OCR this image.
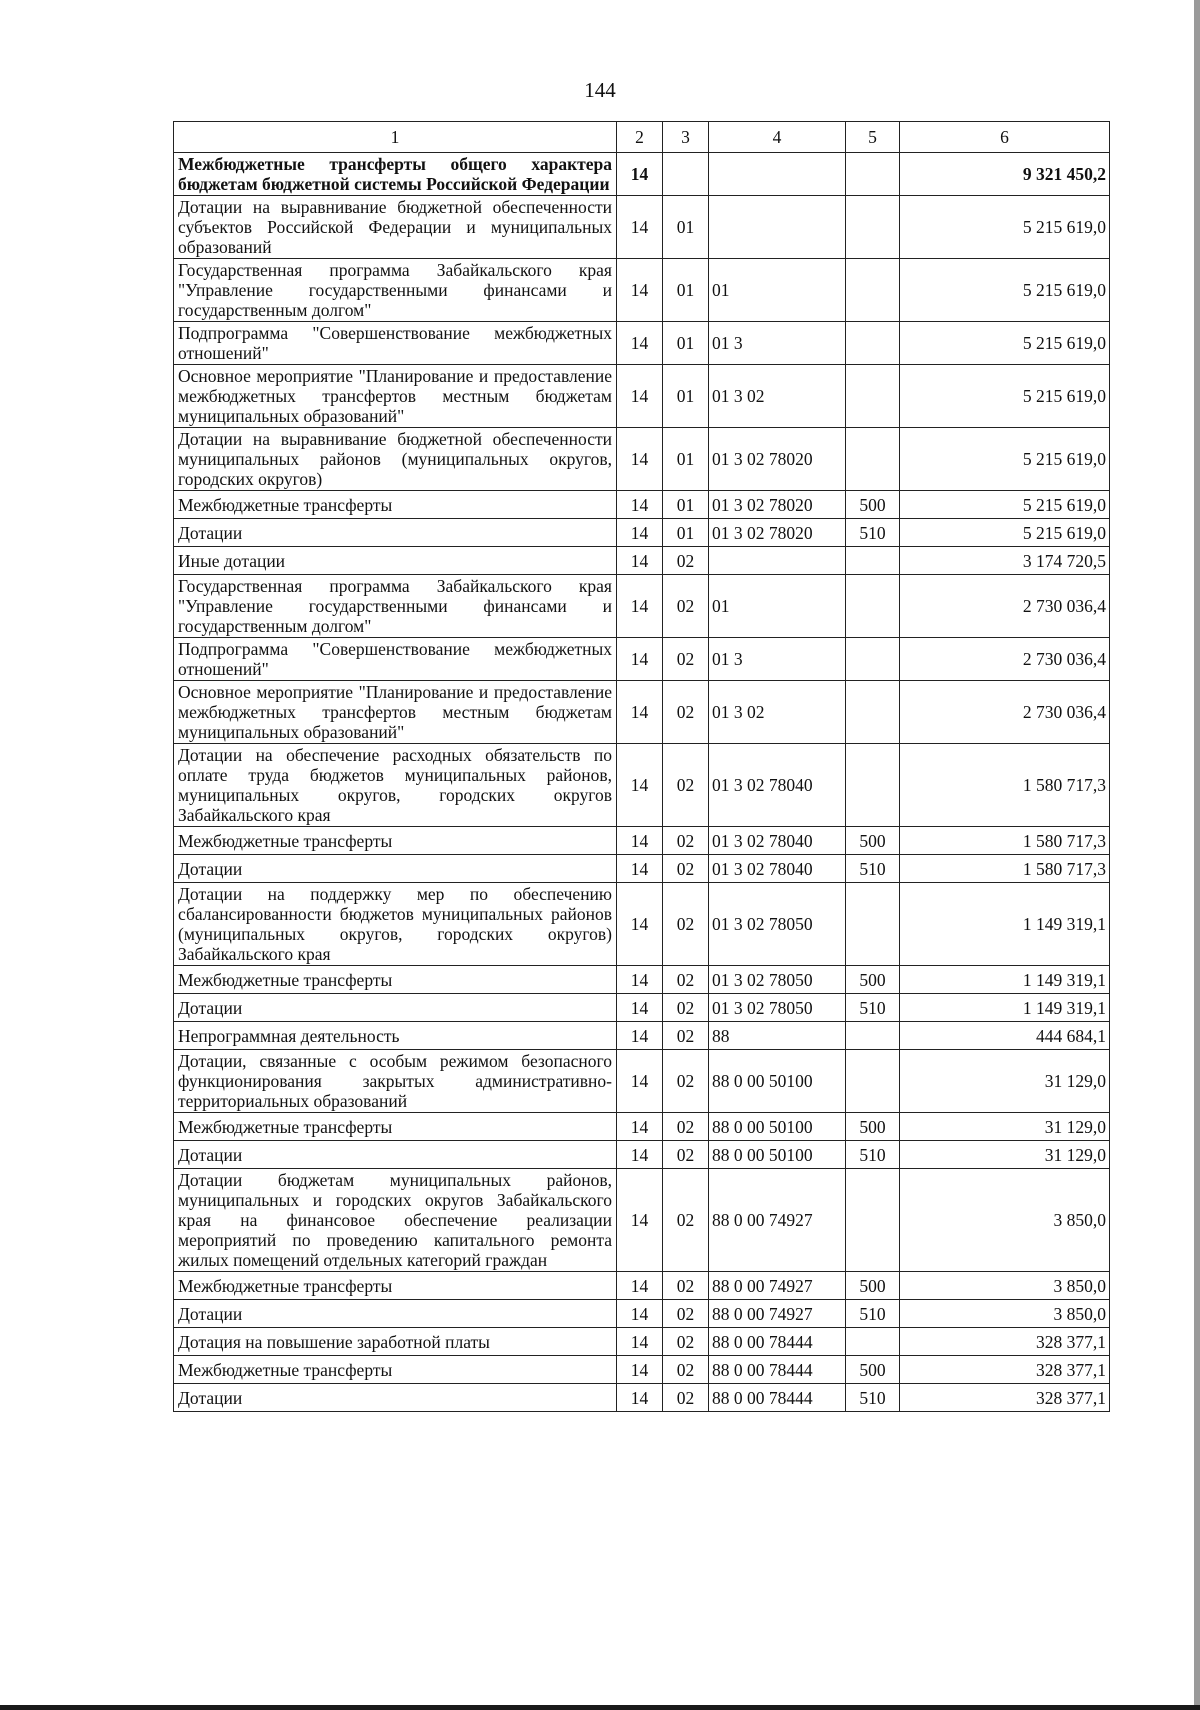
144
1	2	3	4	5	6
Межбюджетные трансферты общего характера бюджетам бюджетной системы Российской Федерации	14				9 321 450,2
Дотации на выравнивание бюджетной обеспеченности субъектов Российской Федерации и муниципальных образований	14	01			5 215 619,0
Государственная программа Забайкальского края "Управление государственными финансами и государственным долгом"	14	01	01		5 215 619,0
Подпрограмма "Совершенствование межбюджетных отношений"	14	01	01 3		5 215 619,0
Основное мероприятие "Планирование и предоставление межбюджетных трансфертов местным бюджетам муниципальных образований"	14	01	01 3 02		5 215 619,0
Дотации на выравнивание бюджетной обеспеченности муниципальных районов (муниципальных округов, городских округов)	14	01	01 3 02 78020		5 215 619,0
Межбюджетные трансферты	14	01	01 3 02 78020	500	5 215 619,0
Дотации	14	01	01 3 02 78020	510	5 215 619,0
Иные дотации	14	02			3 174 720,5
Государственная программа Забайкальского края "Управление государственными финансами и государственным долгом"	14	02	01		2 730 036,4
Подпрограмма "Совершенствование межбюджетных отношений"	14	02	01 3		2 730 036,4
Основное мероприятие "Планирование и предоставление межбюджетных трансфертов местным бюджетам муниципальных образований"	14	02	01 3 02		2 730 036,4
Дотации на обеспечение расходных обязательств по оплате труда бюджетов муниципальных районов, муниципальных округов, городских округов Забайкальского края	14	02	01 3 02 78040		1 580 717,3
Межбюджетные трансферты	14	02	01 3 02 78040	500	1 580 717,3
Дотации	14	02	01 3 02 78040	510	1 580 717,3
Дотации на поддержку мер по обеспечению сбалансированности бюджетов муниципальных районов (муниципальных округов, городских округов) Забайкальского края	14	02	01 3 02 78050		1 149 319,1
Межбюджетные трансферты	14	02	01 3 02 78050	500	1 149 319,1
Дотации	14	02	01 3 02 78050	510	1 149 319,1
Непрограммная деятельность	14	02	88		444 684,1
Дотации, связанные с особым режимом безопасного функционирования закрытых административно-территориальных образований	14	02	88 0 00 50100		31 129,0
Межбюджетные трансферты	14	02	88 0 00 50100	500	31 129,0
Дотации	14	02	88 0 00 50100	510	31 129,0
Дотации бюджетам муниципальных районов, муниципальных и городских округов Забайкальского края на финансовое обеспечение реализации мероприятий по проведению капитального ремонта жилых помещений отдельных категорий граждан	14	02	88 0 00 74927		3 850,0
Межбюджетные трансферты	14	02	88 0 00 74927	500	3 850,0
Дотации	14	02	88 0 00 74927	510	3 850,0
Дотация на повышение заработной платы	14	02	88 0 00 78444		328 377,1
Межбюджетные трансферты	14	02	88 0 00 78444	500	328 377,1
Дотации	14	02	88 0 00 78444	510	328 377,1
